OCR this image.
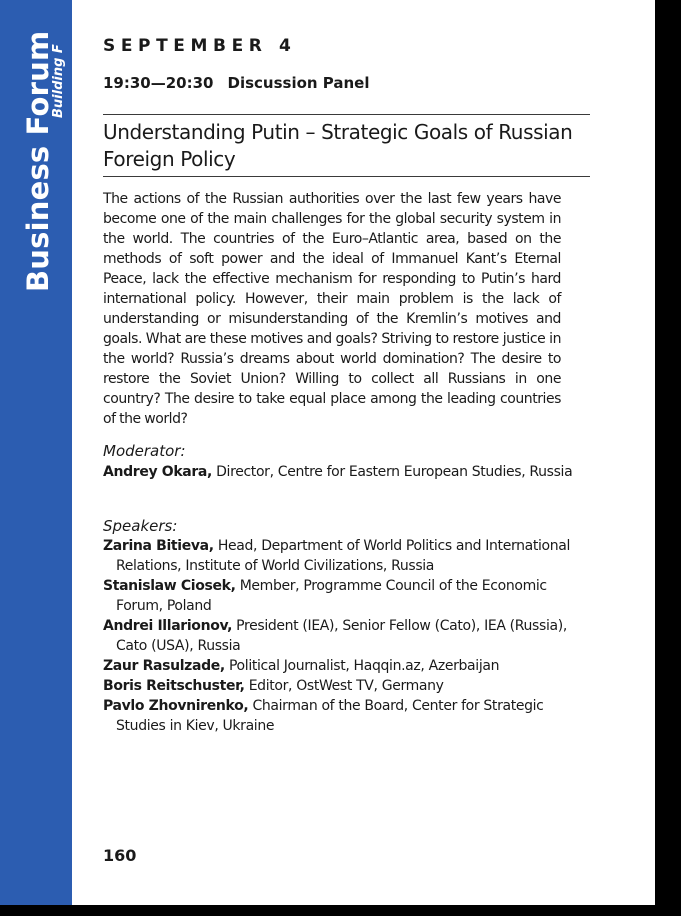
Business Forum
Building F SEPTEMBER 4
19:30—20:30 Discussion Panel
Understanding Putin – Strategic Goals of Russian Foreign Policy

The actions of the Russian authorities over the last few years have become one of the main challenges for the global security system in the world. The countries of the Euro–Atlantic area, based on the methods of soft power and the ideal of Immanuel Kant’s Eternal Peace, lack the effective mechanism for responding to Putin’s hard international policy. However, their main problem is the lack of understanding or misunderstanding of the Kremlin’s motives and goals. What are these motives and goals? Striving to restore justice in the world? Russia’s dreams about world domination? The desire to restore the Soviet Union? Willing to collect all Russians in one country? The desire to take equal place among the leading countries of the world?

Moderator:

Andrey Okara, Director, Centre for Eastern European Studies, Russia

Speakers:

Zarina Bitieva, Head, Department of World Politics and International Relations, Institute of World Civilizations, Russia

Stanislaw Ciosek, Member, Programme Council of the Economic Forum, Poland

Andrei Illarionov, President (IEA), Senior Fellow (Cato), IEA (Russia), Cato (USA), Russia

Zaur Rasulzade, Political Journalist, Haqqin.az, Azerbaijan

Boris Reitschuster, Editor, OstWest TV, Germany

Pavlo Zhovnirenko, Chairman of the Board, Center for Strategic Studies in Kiev, Ukraine

160
